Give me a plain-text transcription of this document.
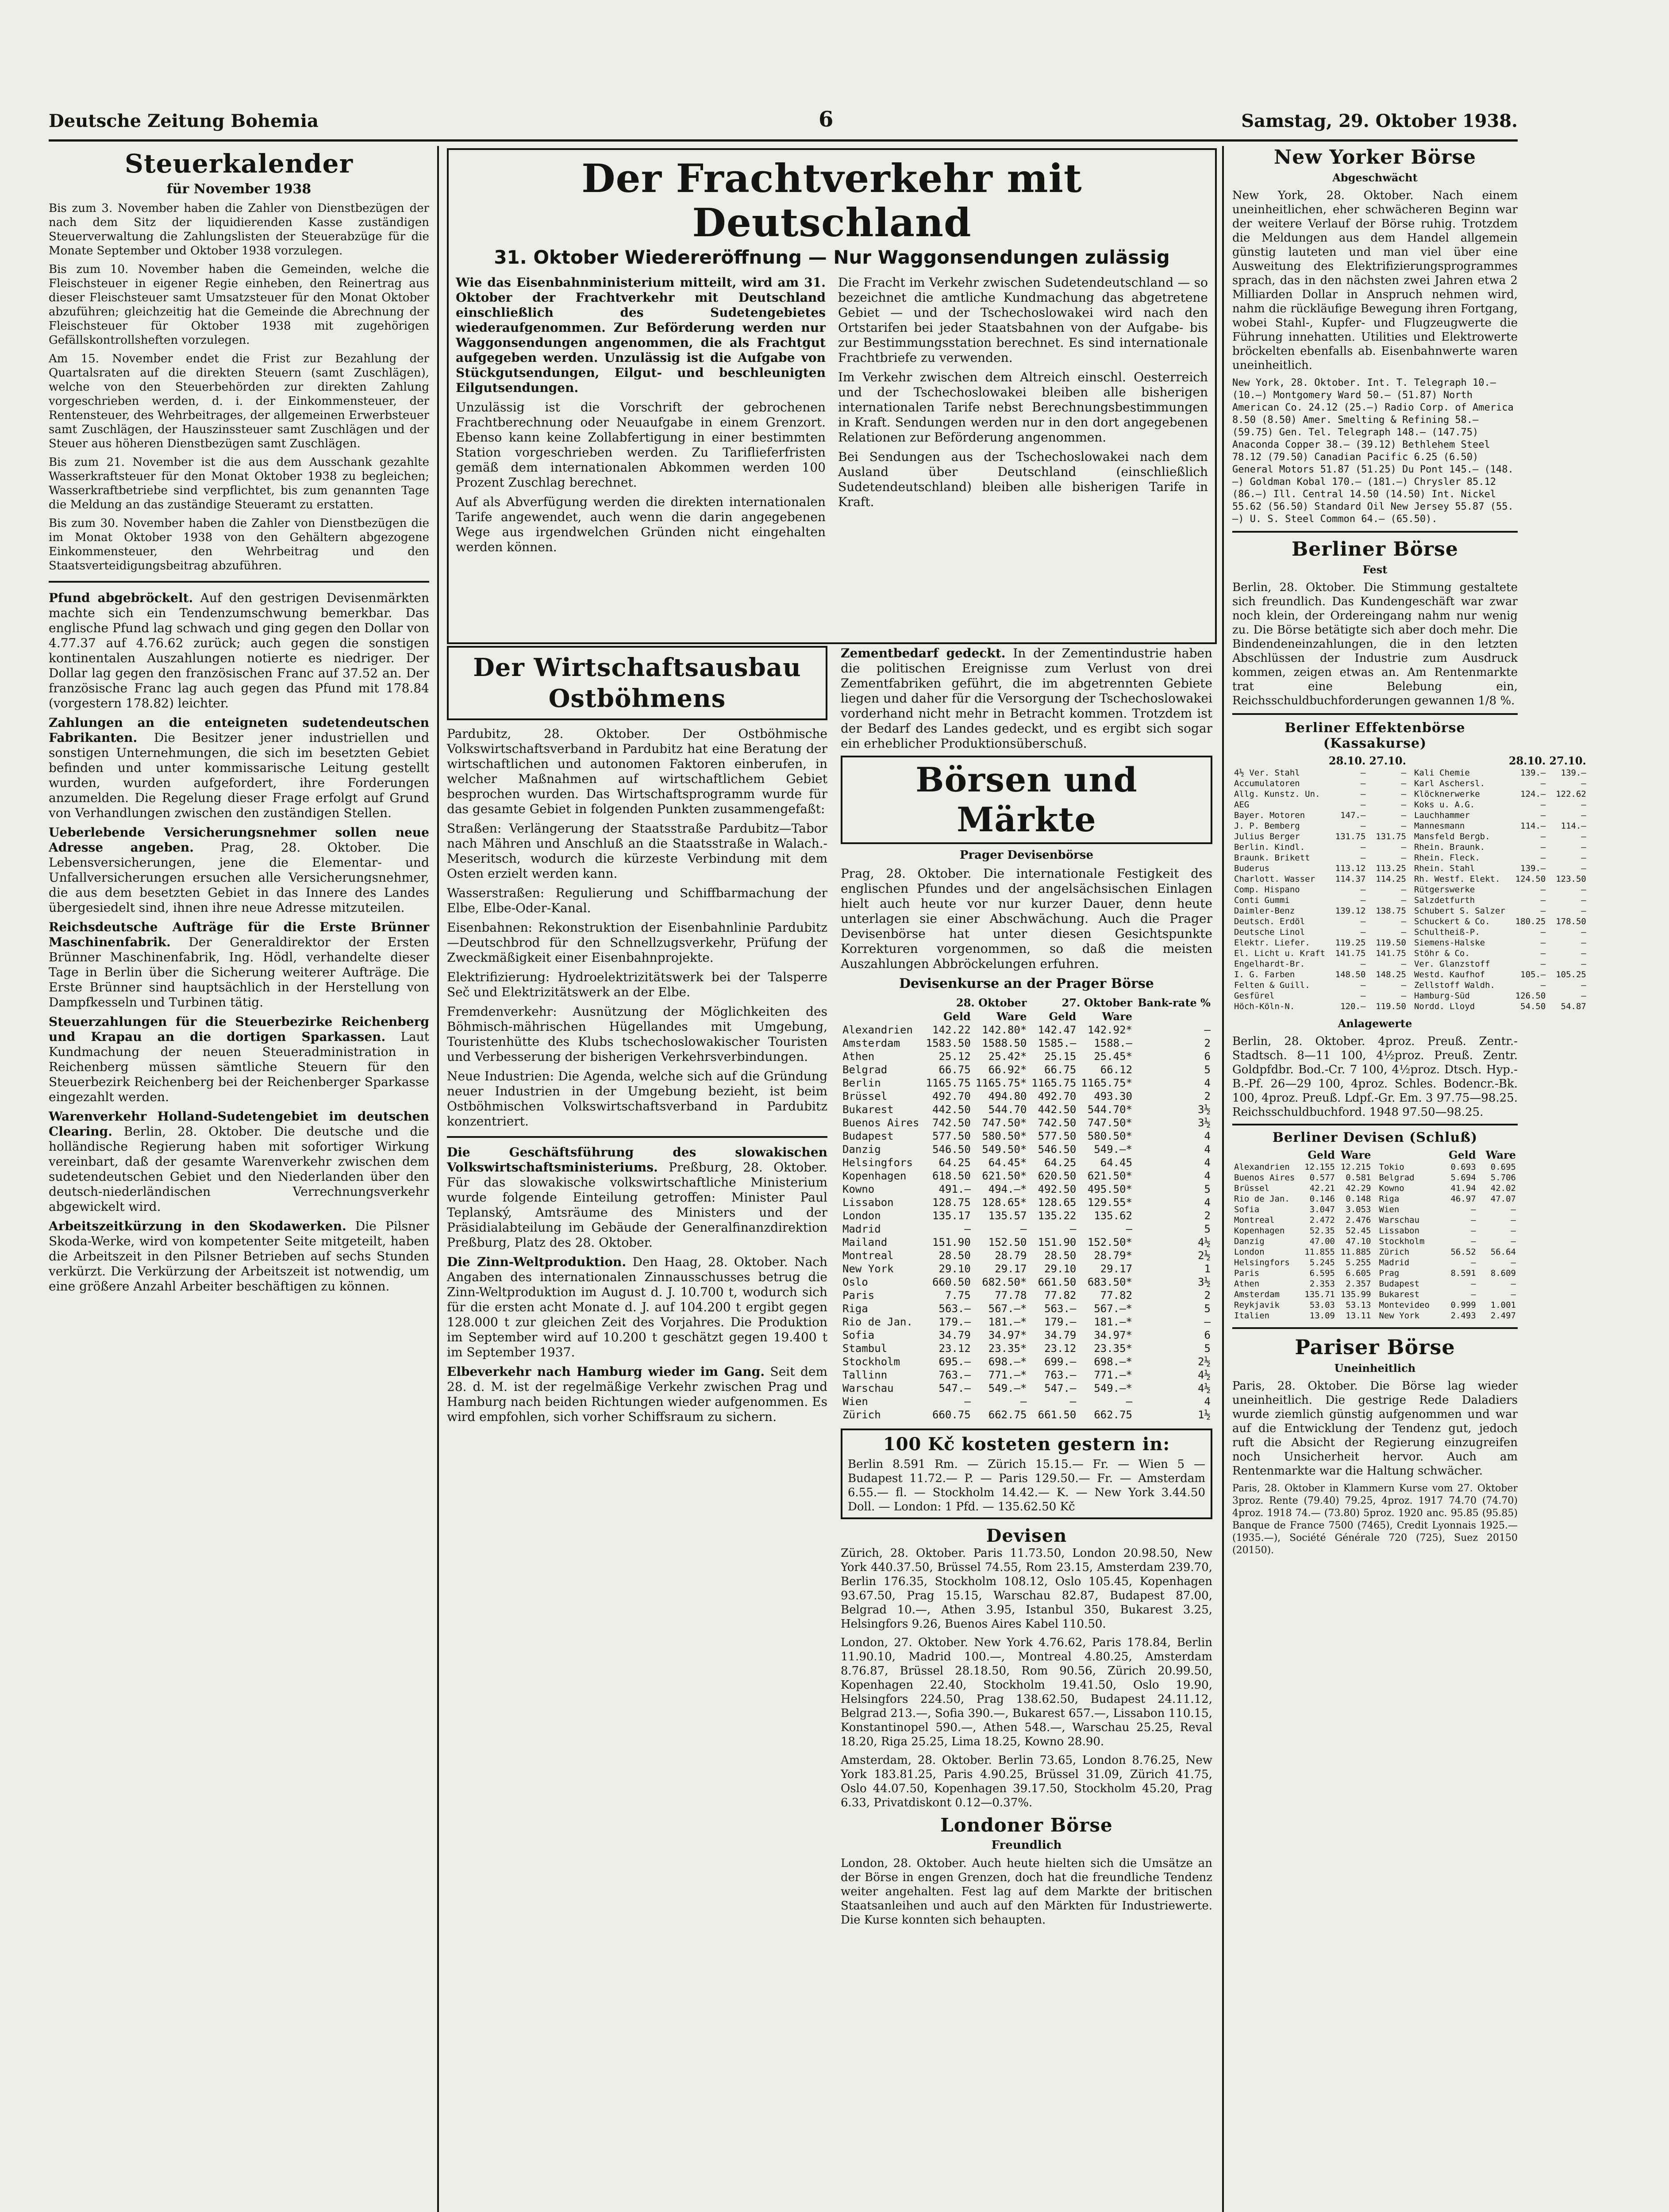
Deutsche Zeitung Bohemia	6	Samstag, 29. Oktober 1938.
Steuerkalender
für November 1938

Bis zum 3. November haben die Zahler von Dienstbezügen der nach dem Sitz der liquidierenden Kasse zuständigen Steuerverwaltung die Zahlungslisten der Steuerabzüge für die Monate September und Oktober 1938 vorzulegen.

Bis zum 10. November haben die Gemeinden, welche die Fleischsteuer in eigener Regie einheben, den Reinertrag aus dieser Fleischsteuer samt Umsatzsteuer für den Monat Oktober abzuführen; gleichzeitig hat die Gemeinde die Abrechnung der Fleischsteuer für Oktober 1938 mit zugehörigen Gefällskontrollsheften vorzulegen.

Am 15. November endet die Frist zur Bezahlung der Quartalsraten auf die direkten Steuern (samt Zuschlägen), welche von den Steuerbehörden zur direkten Zahlung vorgeschrieben werden, d. i. der Einkommensteuer, der Rentensteuer, des Wehrbeitrages, der allgemeinen Erwerbsteuer samt Zuschlägen, der Hauszinssteuer samt Zuschlägen und der Steuer aus höheren Dienstbezügen samt Zuschlägen.

Bis zum 21. November ist die aus dem Ausschank gezahlte Wasserkraftsteuer für den Monat Oktober 1938 zu begleichen; Wasserkraftbetriebe sind verpflichtet, bis zum genannten Tage die Meldung an das zuständige Steueramt zu erstatten.

Bis zum 30. November haben die Zahler von Dienstbezügen die im Monat Oktober 1938 von den Gehältern abgezogene Einkommensteuer, den Wehrbeitrag und den Staatsverteidigungsbeitrag abzuführen.

Pfund abgebröckelt. Auf den gestrigen Devisenmärkten machte sich ein Tendenzumschwung bemerkbar. Das englische Pfund lag schwach und ging gegen den Dollar von 4.77.37 auf 4.76.62 zurück; auch gegen die sonstigen kontinentalen Auszahlungen notierte es niedriger. Der Dollar lag gegen den französischen Franc auf 37.52 an. Der französische Franc lag auch gegen das Pfund mit 178.84 (vorgestern 178.82) leichter.

Zahlungen an die enteigneten sudetendeutschen Fabrikanten. Die Besitzer jener industriellen und sonstigen Unternehmungen, die sich im besetzten Gebiet befinden und unter kommissarische Leitung gestellt wurden, wurden aufgefordert, ihre Forderungen anzumelden. Die Regelung dieser Frage erfolgt auf Grund von Verhandlungen zwischen den zuständigen Stellen.

Ueberlebende Versicherungsnehmer sollen neue Adresse angeben. Prag, 28. Oktober. Die Lebensversicherungen, jene die Elementar- und Unfallversicherungen ersuchen alle Versicherungsnehmer, die aus dem besetzten Gebiet in das Innere des Landes übergesiedelt sind, ihnen ihre neue Adresse mitzuteilen.

Reichsdeutsche Aufträge für die Erste Brünner Maschinenfabrik. Der Generaldirektor der Ersten Brünner Maschinenfabrik, Ing. Hödl, verhandelte dieser Tage in Berlin über die Sicherung weiterer Aufträge. Die Erste Brünner sind hauptsächlich in der Herstellung von Dampfkesseln und Turbinen tätig.

Steuerzahlungen für die Steuerbezirke Reichenberg und Krapau an die dortigen Sparkassen. Laut Kundmachung der neuen Steueradministration in Reichenberg müssen sämtliche Steuern für den Steuerbezirk Reichenberg bei der Reichenberger Sparkasse eingezahlt werden.

Warenverkehr Holland-Sudetengebiet im deutschen Clearing. Berlin, 28. Oktober. Die deutsche und die holländische Regierung haben mit sofortiger Wirkung vereinbart, daß der gesamte Warenverkehr zwischen dem sudetendeutschen Gebiet und den Niederlanden über den deutsch-niederländischen Verrechnungsverkehr abgewickelt wird.

Arbeitszeitkürzung in den Skodawerken. Die Pilsner Skoda-Werke, wird von kompetenter Seite mitgeteilt, haben die Arbeitszeit in den Pilsner Betrieben auf sechs Stunden verkürzt. Die Verkürzung der Arbeitszeit ist notwendig, um eine größere Anzahl Arbeiter beschäftigen zu können.

Der Frachtverkehr mit Deutschland
31. Oktober Wiedereröffnung — Nur Waggonsendungen zulässig

Wie das Eisenbahnministerium mitteilt, wird am 31. Oktober der Frachtverkehr mit Deutschland einschließlich des Sudetengebietes wiederaufgenommen. Zur Beförderung werden nur Waggonsendungen angenommen, die als Frachtgut aufgegeben werden. Unzulässig ist die Aufgabe von Stückgutsendungen, Eilgut- und beschleunigten Eilgutsendungen.

Unzulässig ist die Vorschrift der gebrochenen Frachtberechnung oder Neuaufgabe in einem Grenzort. Ebenso kann keine Zollabfertigung in einer bestimmten Station vorgeschrieben werden. Zu Tariflieferfristen gemäß dem internationalen Abkommen werden 100 Prozent Zuschlag berechnet.

Auf als Abverfügung werden die direkten internationalen Tarife angewendet, auch wenn die darin angegebenen Wege aus irgendwelchen Gründen nicht eingehalten werden können.

Die Fracht im Verkehr zwischen Sudetendeutschland — so bezeichnet die amtliche Kundmachung das abgetretene Gebiet — und der Tschechoslowakei wird nach den Ortstarifen bei jeder Staatsbahnen von der Aufgabe- bis zur Bestimmungsstation berechnet. Es sind internationale Frachtbriefe zu verwenden.

Im Verkehr zwischen dem Altreich einschl. Oesterreich und der Tschechoslowakei bleiben alle bisherigen internationalen Tarife nebst Berechnungsbestimmungen in Kraft. Sendungen werden nur in den dort angegebenen Relationen zur Beförderung angenommen.

Bei Sendungen aus der Tschechoslowakei nach dem Ausland über Deutschland (einschließlich Sudetendeutschland) bleiben alle bisherigen Tarife in Kraft.

Der Wirtschaftsausbau Ostböhmens

Pardubitz, 28. Oktober. Der Ostböhmische Volkswirtschaftsverband in Pardubitz hat eine Beratung der wirtschaftlichen und autonomen Faktoren einberufen, in welcher Maßnahmen auf wirtschaftlichem Gebiet besprochen wurden. Das Wirtschaftsprogramm wurde für das gesamte Gebiet in folgenden Punkten zusammengefaßt:

Straßen: Verlängerung der Staatsstraße Pardubitz—Tabor nach Mähren und Anschluß an die Staatsstraße in Walach.-Meseritsch, wodurch die kürzeste Verbindung mit dem Osten erzielt werden kann.

Wasserstraßen: Regulierung und Schiffbarmachung der Elbe, Elbe-Oder-Kanal.

Eisenbahnen: Rekonstruktion der Eisenbahnlinie Pardubitz—Deutschbrod für den Schnellzugsverkehr, Prüfung der Zweckmäßigkeit einer Eisenbahnprojekte.

Elektrifizierung: Hydroelektrizitätswerk bei der Talsperre Seč und Elektrizitätswerk an der Elbe.

Fremdenverkehr: Ausnützung der Möglichkeiten des Böhmisch-mährischen Hügellandes mit Umgebung, Touristenhütte des Klubs tschechoslowakischer Touristen und Verbesserung der bisherigen Verkehrsverbindungen.

Neue Industrien: Die Agenda, welche sich auf die Gründung neuer Industrien in der Umgebung bezieht, ist beim Ostböhmischen Volkswirtschaftsverband in Pardubitz konzentriert.

Die Geschäftsführung des slowakischen Volkswirtschaftsministeriums. Preßburg, 28. Oktober. Für das slowakische volkswirtschaftliche Ministerium wurde folgende Einteilung getroffen: Minister Paul Teplanský, Amtsräume des Ministers und der Präsidialabteilung im Gebäude der Generalfinanzdirektion Preßburg, Platz des 28. Oktober.

Die Zinn-Weltproduktion. Den Haag, 28. Oktober. Nach Angaben des internationalen Zinnausschusses betrug die Zinn-Weltproduktion im August d. J. 10.700 t, wodurch sich für die ersten acht Monate d. J. auf 104.200 t ergibt gegen 128.000 t zur gleichen Zeit des Vorjahres. Die Produktion im September wird auf 10.200 t geschätzt gegen 19.400 t im September 1937.

Elbeverkehr nach Hamburg wieder im Gang. Seit dem 28. d. M. ist der regelmäßige Verkehr zwischen Prag und Hamburg nach beiden Richtungen wieder aufgenommen. Es wird empfohlen, sich vorher Schiffsraum zu sichern.

Zementbedarf gedeckt. In der Zementindustrie haben die politischen Ereignisse zum Verlust von drei Zementfabriken geführt, die im abgetrennten Gebiete liegen und daher für die Versorgung der Tschechoslowakei vorderhand nicht mehr in Betracht kommen. Trotzdem ist der Bedarf des Landes gedeckt, und es ergibt sich sogar ein erheblicher Produktionsüberschuß.

Börsen und Märkte
Prager Devisenbörse

Prag, 28. Oktober. Die internationale Festigkeit des englischen Pfundes und der angelsächsischen Einlagen hielt auch heute vor nur kurzer Dauer, denn heute unterlagen sie einer Abschwächung. Auch die Prager Devisenbörse hat unter diesen Gesichtspunkte Korrekturen vorgenommen, so daß die meisten Auszahlungen Abbröckelungen erfuhren.

Devisenkurse an der Prager Börse
	28. Oktober		27. Oktober		Bank-rate %
	Geld	Ware	Geld	Ware	
Alexandrien	142.22	142.80*	142.47	142.92*	—
Amsterdam	1583.50	1588.50	1585.—	1588.—	2
Athen	25.12	25.42*	25.15	25.45*	6
Belgrad	66.75	66.92*	66.75	66.12	5
Berlin	1165.75	1165.75*	1165.75	1165.75*	4
Brüssel	492.70	494.80	492.70	493.30	2
Bukarest	442.50	544.70	442.50	544.70*	3½
Buenos Aires	742.50	747.50*	742.50	747.50*	3½
Budapest	577.50	580.50*	577.50	580.50*	4
Danzig	546.50	549.50*	546.50	549.—*	4
Helsingfors	64.25	64.45*	64.25	64.45	4
Kopenhagen	618.50	621.50*	620.50	621.50*	4
Kowno	491.—	494.—*	492.50	495.50*	5
Lissabon	128.75	128.65*	128.65	129.55*	4
London	135.17	135.57	135.22	135.62	2
Madrid	—	—	—	—	5
Mailand	151.90	152.50	151.90	152.50*	4½
Montreal	28.50	28.79	28.50	28.79*	2½
New York	29.10	29.17	29.10	29.17	1
Oslo	660.50	682.50*	661.50	683.50*	3½
Paris	7.75	77.78	77.82	77.82	2
Riga	563.—	567.—*	563.—	567.—*	5
Rio de Jan.	179.—	181.—*	179.—	181.—*	—
Sofia	34.79	34.97*	34.79	34.97*	6
Stambul	23.12	23.35*	23.12	23.35*	5
Stockholm	695.—	698.—*	699.—	698.—*	2½
Tallinn	763.—	771.—*	763.—	771.—*	4½
Warschau	547.—	549.—*	547.—	549.—*	4½
Wien	—	—	—	—	4
Zürich	660.75	662.75	661.50	662.75	1½
100 Kč kosteten gestern in:

Berlin 8.591 Rm. — Zürich 15.15.— Fr. — Wien 5 — Budapest 11.72.— P. — Paris 129.50.— Fr. — Amsterdam 6.55.— fl. — Stockholm 14.42.— K. — New York 3.44.50 Doll. — London: 1 Pfd. — 135.62.50 Kč

Devisen

Zürich, 28. Oktober. Paris 11.73.50, London 20.98.50, New York 440.37.50, Brüssel 74.55, Rom 23.15, Amsterdam 239.70, Berlin 176.35, Stockholm 108.12, Oslo 105.45, Kopenhagen 93.67.50, Prag 15.15, Warschau 82.87, Budapest 87.00, Belgrad 10.—, Athen 3.95, Istanbul 350, Bukarest 3.25, Helsingfors 9.26, Buenos Aires Kabel 110.50.

London, 27. Oktober. New York 4.76.62, Paris 178.84, Berlin 11.90.10, Madrid 100.—, Montreal 4.80.25, Amsterdam 8.76.87, Brüssel 28.18.50, Rom 90.56, Zürich 20.99.50, Kopenhagen 22.40, Stockholm 19.41.50, Oslo 19.90, Helsingfors 224.50, Prag 138.62.50, Budapest 24.11.12, Belgrad 213.—, Sofia 390.—, Bukarest 657.—, Lissabon 110.15, Konstantinopel 590.—, Athen 548.—, Warschau 25.25, Reval 18.20, Riga 25.25, Lima 18.25, Kowno 28.90.

Amsterdam, 28. Oktober. Berlin 73.65, London 8.76.25, New York 183.81.25, Paris 4.90.25, Brüssel 31.09, Zürich 41.75, Oslo 44.07.50, Kopenhagen 39.17.50, Stockholm 45.20, Prag 6.33, Privatdiskont 0.12—0.37%.

Londoner Börse
Freundlich

London, 28. Oktober. Auch heute hielten sich die Umsätze an der Börse in engen Grenzen, doch hat die freundliche Tendenz weiter angehalten. Fest lag auf dem Markte der britischen Staatsanleihen und auch auf den Märkten für Industriewerte. Die Kurse konnten sich behaupten.

New Yorker Börse
Abgeschwächt

New York, 28. Oktober. Nach einem uneinheitlichen, eher schwächeren Beginn war der weitere Verlauf der Börse ruhig. Trotzdem die Meldungen aus dem Handel allgemein günstig lauteten und man viel über eine Ausweitung des Elektrifizierungsprogrammes sprach, das in den nächsten zwei Jahren etwa 2 Milliarden Dollar in Anspruch nehmen wird, nahm die rückläufige Bewegung ihren Fortgang, wobei Stahl-, Kupfer- und Flugzeugwerte die Führung innehatten. Utilities und Elektrowerte bröckelten ebenfalls ab. Eisenbahnwerte waren uneinheitlich.

New York, 28. Oktober. Int. T. Telegraph 10.— (10.—) Montgomery Ward 50.— (51.87) North American Co. 24.12 (25.—) Radio Corp. of America 8.50 (8.50) Amer. Smelting & Refining 58.— (59.75) Gen. Tel. Telegraph 148.— (147.75) Anaconda Copper 38.— (39.12) Bethlehem Steel 78.12 (79.50) Canadian Pacific 6.25 (6.50) General Motors 51.87 (51.25) Du Pont 145.— (148.—) Goldman Kobal 170.— (181.—) Chrysler 85.12 (86.—) Ill. Central 14.50 (14.50) Int. Nickel 55.62 (56.50) Standard Oil New Jersey 55.87 (55.—) U. S. Steel Common 64.— (65.50).

Berliner Börse
Fest

Berlin, 28. Oktober. Die Stimmung gestaltete sich freundlich. Das Kundengeschäft war zwar noch klein, der Ordereingang nahm nur wenig zu. Die Börse betätigte sich aber doch mehr. Die Bindendeneinzahlungen, die in den letzten Abschlüssen der Industrie zum Ausdruck kommen, zeigen etwas an. Am Rentenmarkte trat eine Belebung ein, Reichsschuldbuchforderungen gewannen 1/8 %.

Berliner Effektenbörse (Kassakurse)
	28.10.	27.10.
4½ Ver. Stahl	—	—
Accumulatoren	—	—
Allg. Kunstz. Un.	—	—
AEG	—	—
Bayer. Motoren	147.—	—
J. P. Bemberg	—	—
Julius Berger	131.75	131.75
Berlin. Kindl.	—	—
Braunk. Brikett	—	—
Buderus	113.12	113.25
Charlott. Wasser	114.37	114.25
Comp. Hispano	—	—
Conti Gummi	—	—
Daimler-Benz	139.12	138.75
Deutsch. Erdöl	—	—
Deutsche Linol	—	—
Elektr. Liefer.	119.25	119.50
El. Licht u. Kraft	141.75	141.75
Engelhardt-Br.	—	—
I. G. Farben	148.50	148.25
Felten & Guill.	—	—
Gesfürel	—	—
Höch-Köln-N.	120.—	119.50
	28.10.	27.10.
Kali Chemie	139.—	139.—
Karl Aschersl.	—	—
Klöcknerwerke	124.—	122.62
Koks u. A.G.	—	—
Lauchhammer	—	—
Mannesmann	114.—	114.—
Mansfeld Bergb.	—	—
Rhein. Braunk.	—	—
Rhein. Fleck.	—	—
Rhein. Stahl	139.—	—
Rh. Westf. Elekt.	124.50	123.50
Rütgerswerke	—	—
Salzdetfurth	—	—
Schubert S. Salzer	—	—
Schuckert & Co.	180.25	178.50
Schultheiß-P.	—	—
Siemens-Halske	—	—
Stöhr & Co.	—	—
Ver. Glanzstoff	—	—
Westd. Kaufhof	105.—	105.25
Zellstoff Waldh.	—	—
Hamburg-Süd	126.50	—
Nordd. Lloyd	54.50	54.87
Anlagewerte

Berlin, 28. Oktober. 4proz. Preuß. Zentr.-Stadtsch. 8—11 100, 4½proz. Preuß. Zentr. Goldpfdbr. Bod.-Cr. 7 100, 4½proz. Dtsch. Hyp.-B.-Pf. 26—29 100, 4proz. Schles. Bodencr.-Bk. 100, 4proz. Preuß. Ldpf.-Gr. Em. 3 97.75—98.25. Reichsschuldbuchford. 1948 97.50—98.25.

Berliner Devisen (Schluß)
	Geld	Ware
Alexandrien	12.155	12.215
Buenos Aires	0.577	0.581
Brüssel	42.21	42.29
Rio de Jan.	0.146	0.148
Sofia	3.047	3.053
Montreal	2.472	2.476
Kopenhagen	52.35	52.45
Danzig	47.00	47.10
London	11.855	11.885
Helsingfors	5.245	5.255
Paris	6.595	6.605
Athen	2.353	2.357
Amsterdam	135.71	135.99
Reykjavik	53.03	53.13
Italien	13.09	13.11
	Geld	Ware
Tokio	0.693	0.695
Belgrad	5.694	5.706
Kowno	41.94	42.02
Riga	46.97	47.07
Wien	—	—
Warschau	—	—
Lissabon	—	—
Stockholm	—	—
Zürich	56.52	56.64
Madrid	—	—
Prag	8.591	8.609
Budapest	—	—
Bukarest	—	—
Montevideo	0.999	1.001
New York	2.493	2.497
Pariser Börse
Uneinheitlich

Paris, 28. Oktober. Die Börse lag wieder uneinheitlich. Die gestrige Rede Daladiers wurde ziemlich günstig aufgenommen und war auf die Entwicklung der Tendenz gut, jedoch ruft die Absicht der Regierung einzugreifen noch Unsicherheit hervor. Auch am Rentenmarkte war die Haltung schwächer.

Paris, 28. Oktober in Klammern Kurse vom 27. Oktober 3proz. Rente (79.40) 79.25, 4proz. 1917 74.70 (74.70) 4proz. 1918 74.— (73.80) 5proz. 1920 anc. 95.85 (95.85) Banque de France 7500 (7465), Credit Lyonnais 1925.— (1935.—), Société Générale 720 (725), Suez 20150 (20150).
